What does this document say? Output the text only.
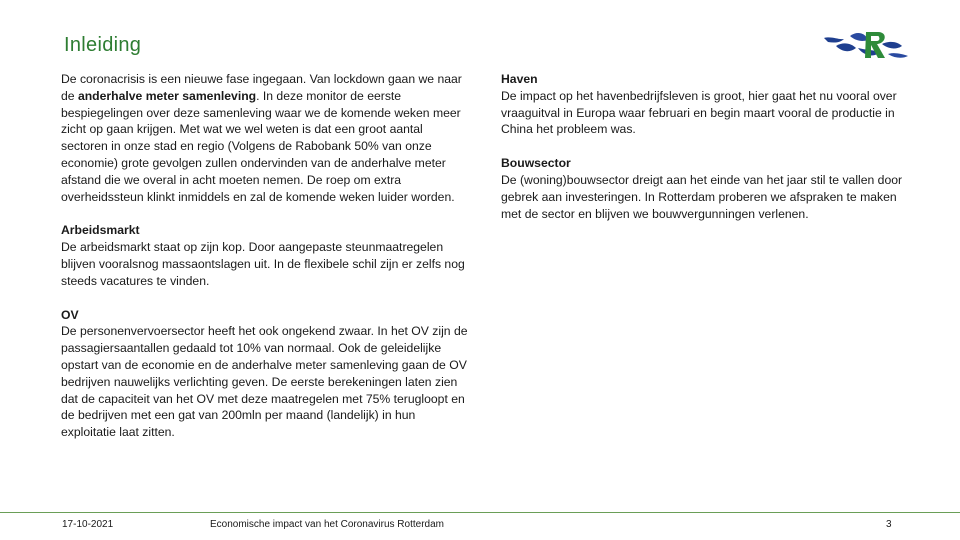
Inleiding

De coronacrisis is een nieuwe fase ingegaan. Van lockdown gaan we naar de anderhalve meter samenleving. In deze monitor de eerste bespiegelingen over deze samenleving waar we de komende weken meer zicht op gaan krijgen. Met wat we wel weten is dat een groot aantal sectoren in onze stad en regio (Volgens de Rabobank 50% van onze economie) grote gevolgen zullen ondervinden van de anderhalve meter afstand die we overal in acht moeten nemen. De roep om extra overheidssteun klinkt inmiddels en zal de komende weken luider worden.

Arbeidsmarkt

De arbeidsmarkt staat op zijn kop. Door aangepaste steunmaatregelen blijven vooralsnog massaontslagen uit. In de flexibele schil zijn er zelfs nog steeds vacatures te vinden.

OV

De personenvervoersector heeft het ook ongekend zwaar. In het OV zijn de passagiersaantallen gedaald tot 10% van normaal. Ook de geleidelijke opstart van de economie en de anderhalve meter samenleving gaan de OV bedrijven nauwelijks verlichting geven. De eerste berekeningen laten zien dat de capaciteit van het OV met deze maatregelen met 75% terugloopt en de bedrijven met een gat van 200mln per maand (landelijk) in hun exploitatie laat zitten.

Haven

De impact op het havenbedrijfsleven is groot, hier gaat het nu vooral over vraaguitval in Europa waar februari en begin maart vooral de productie in China het probleem was.

Bouwsector

De (woning)bouwsector dreigt aan het einde van het jaar stil te vallen door gebrek aan investeringen. In Rotterdam proberen we afspraken te maken met de sector en blijven we bouwvergunningen verlenen.

17-10-2021	Economische impact van het Coronavirus Rotterdam	3
